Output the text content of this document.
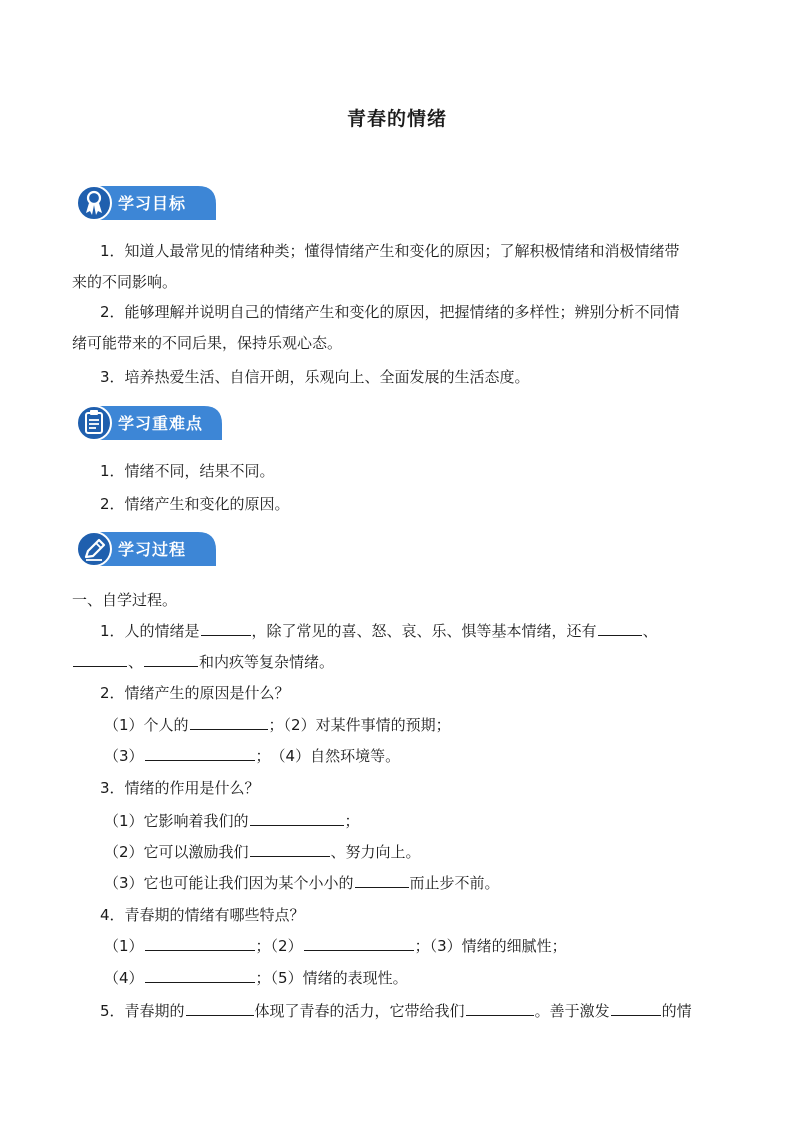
青春的情绪
学习目标
1．知道人最常见的情绪种类；懂得情绪产生和变化的原因；了解积极情绪和消极情绪带
来的不同影响。
2．能够理解并说明自己的情绪产生和变化的原因，把握情绪的多样性；辨别分析不同情
绪可能带来的不同后果，保持乐观心态。
3．培养热爱生活、自信开朗，乐观向上、全面发展的生活态度。
学习重难点
1．情绪不同，结果不同。
2．情绪产生和变化的原因。
学习过程
一、自学过程。
1．人的情绪是	，除了常见的喜、怒、哀、乐、惧等基本情绪，还有	、
、	和内疚等复杂情绪。
2．情绪产生的原因是什么？
（1）个人的	；（2）对某件事情的预期；
（3）	；　（4）自然环境等。
3．情绪的作用是什么？
（1）它影响着我们的	；
（2）它可以激励我们	、努力向上。
（3）它也可能让我们因为某个小小的	而止步不前。
4．青春期的情绪有哪些特点？
（1）	；（2）	；（3）情绪的细腻性；
（4）	；（5）情绪的表现性。
5．青春期的	体现了青春的活力，它带给我们	。善于激发	的情
